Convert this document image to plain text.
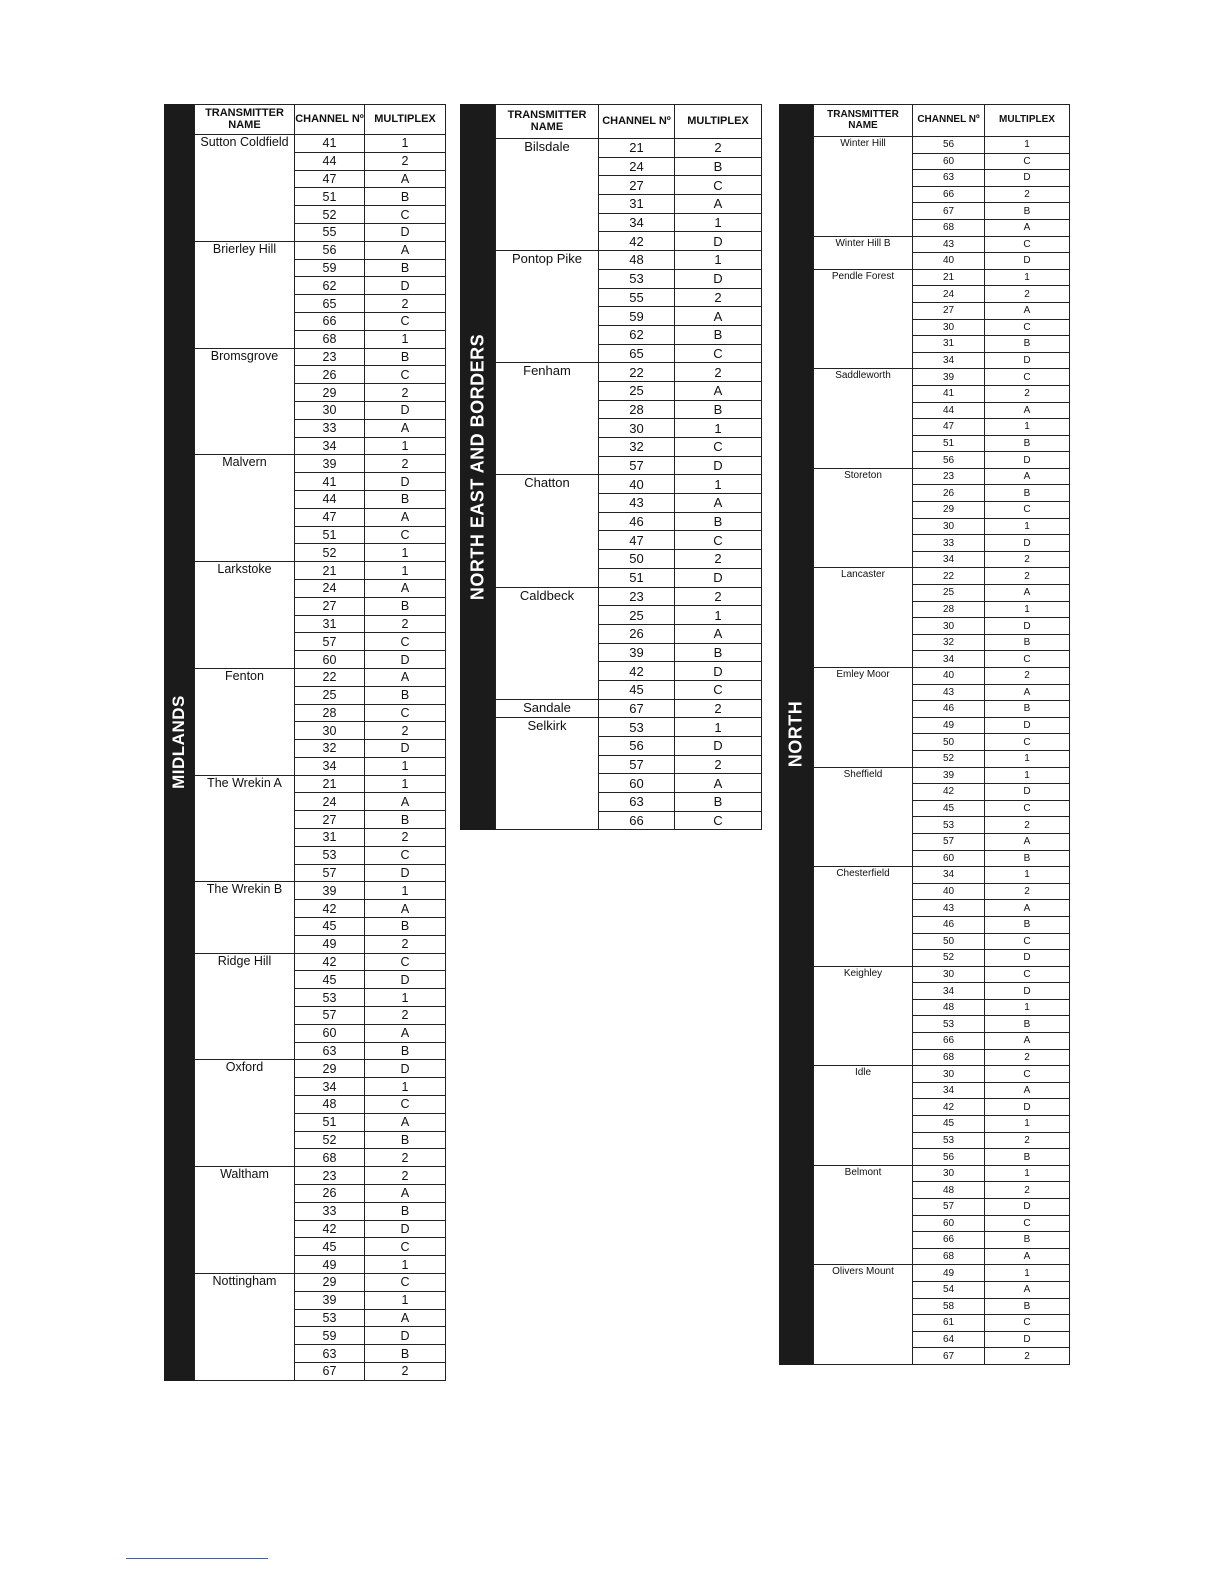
MIDLANDS
TRANSMITTER NAME	CHANNEL Nº	MULTIPLEX
Sutton Coldfield	41	1
	44	2
	47	A
	51	B
	52	C
	55	D
Brierley Hill	56	A
	59	B
	62	D
	65	2
	66	C
	68	1
Bromsgrove	23	B
	26	C
	29	2
	30	D
	33	A
	34	1
Malvern	39	2
	41	D
	44	B
	47	A
	51	C
	52	1
Larkstoke	21	1
	24	A
	27	B
	31	2
	57	C
	60	D
Fenton	22	A
	25	B
	28	C
	30	2
	32	D
	34	1
The Wrekin A	21	1
	24	A
	27	B
	31	2
	53	C
	57	D
The Wrekin B	39	1
	42	A
	45	B
	49	2
Ridge Hill	42	C
	45	D
	53	1
	57	2
	60	A
	63	B
Oxford	29	D
	34	1
	48	C
	51	A
	52	B
	68	2
Waltham	23	2
	26	A
	33	B
	42	D
	45	C
	49	1
Nottingham	29	C
	39	1
	53	A
	59	D
	63	B
	67	2
NORTH EAST AND BORDERS
TRANSMITTER NAME	CHANNEL Nº	MULTIPLEX
Bilsdale	21	2
	24	B
	27	C
	31	A
	34	1
	42	D
Pontop Pike	48	1
	53	D
	55	2
	59	A
	62	B
	65	C
Fenham	22	2
	25	A
	28	B
	30	1
	32	C
	57	D
Chatton	40	1
	43	A
	46	B
	47	C
	50	2
	51	D
Caldbeck	23	2
	25	1
	26	A
	39	B
	42	D
	45	C
Sandale	67	2
Selkirk	53	1
	56	D
	57	2
	60	A
	63	B
	66	C
NORTH
TRANSMITTER NAME	CHANNEL Nº	MULTIPLEX
Winter Hill	56	1
	60	C
	63	D
	66	2
	67	B
	68	A
Winter Hill B	43	C
	40	D
Pendle Forest	21	1
	24	2
	27	A
	30	C
	31	B
	34	D
Saddleworth	39	C
	41	2
	44	A
	47	1
	51	B
	56	D
Storeton	23	A
	26	B
	29	C
	30	1
	33	D
	34	2
Lancaster	22	2
	25	A
	28	1
	30	D
	32	B
	34	C
Emley Moor	40	2
	43	A
	46	B
	49	D
	50	C
	52	1
Sheffield	39	1
	42	D
	45	C
	53	2
	57	A
	60	B
Chesterfield	34	1
	40	2
	43	A
	46	B
	50	C
	52	D
Keighley	30	C
	34	D
	48	1
	53	B
	66	A
	68	2
Idle	30	C
	34	A
	42	D
	45	1
	53	2
	56	B
Belmont	30	1
	48	2
	57	D
	60	C
	66	B
	68	A
Olivers Mount	49	1
	54	A
	58	B
	61	C
	64	D
	67	2
